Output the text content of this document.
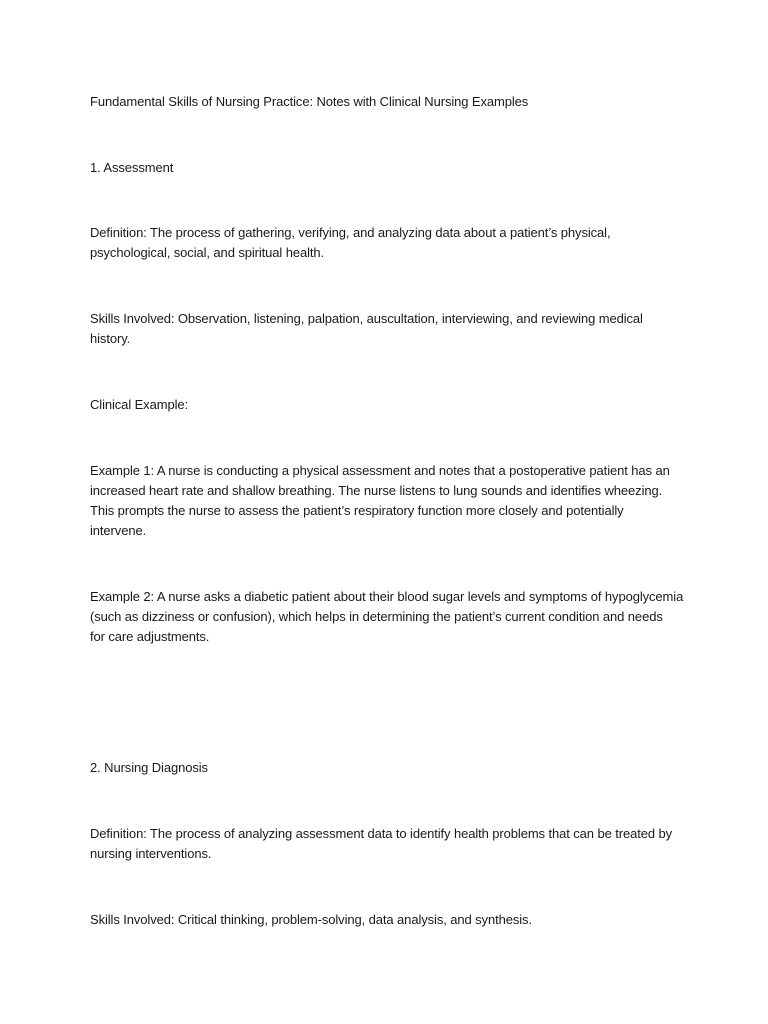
Fundamental Skills of Nursing Practice: Notes with Clinical Nursing Examples
1. Assessment
Definition: The process of gathering, verifying, and analyzing data about a patient’s physical,
psychological, social, and spiritual health.
Skills Involved: Observation, listening, palpation, auscultation, interviewing, and reviewing medical
history.
Clinical Example:
Example 1: A nurse is conducting a physical assessment and notes that a postoperative patient has an
increased heart rate and shallow breathing. The nurse listens to lung sounds and identifies wheezing.
This prompts the nurse to assess the patient’s respiratory function more closely and potentially
intervene.
Example 2: A nurse asks a diabetic patient about their blood sugar levels and symptoms of hypoglycemia
(such as dizziness or confusion), which helps in determining the patient’s current condition and needs
for care adjustments.
2. Nursing Diagnosis
Definition: The process of analyzing assessment data to identify health problems that can be treated by
nursing interventions.
Skills Involved: Critical thinking, problem-solving, data analysis, and synthesis.
